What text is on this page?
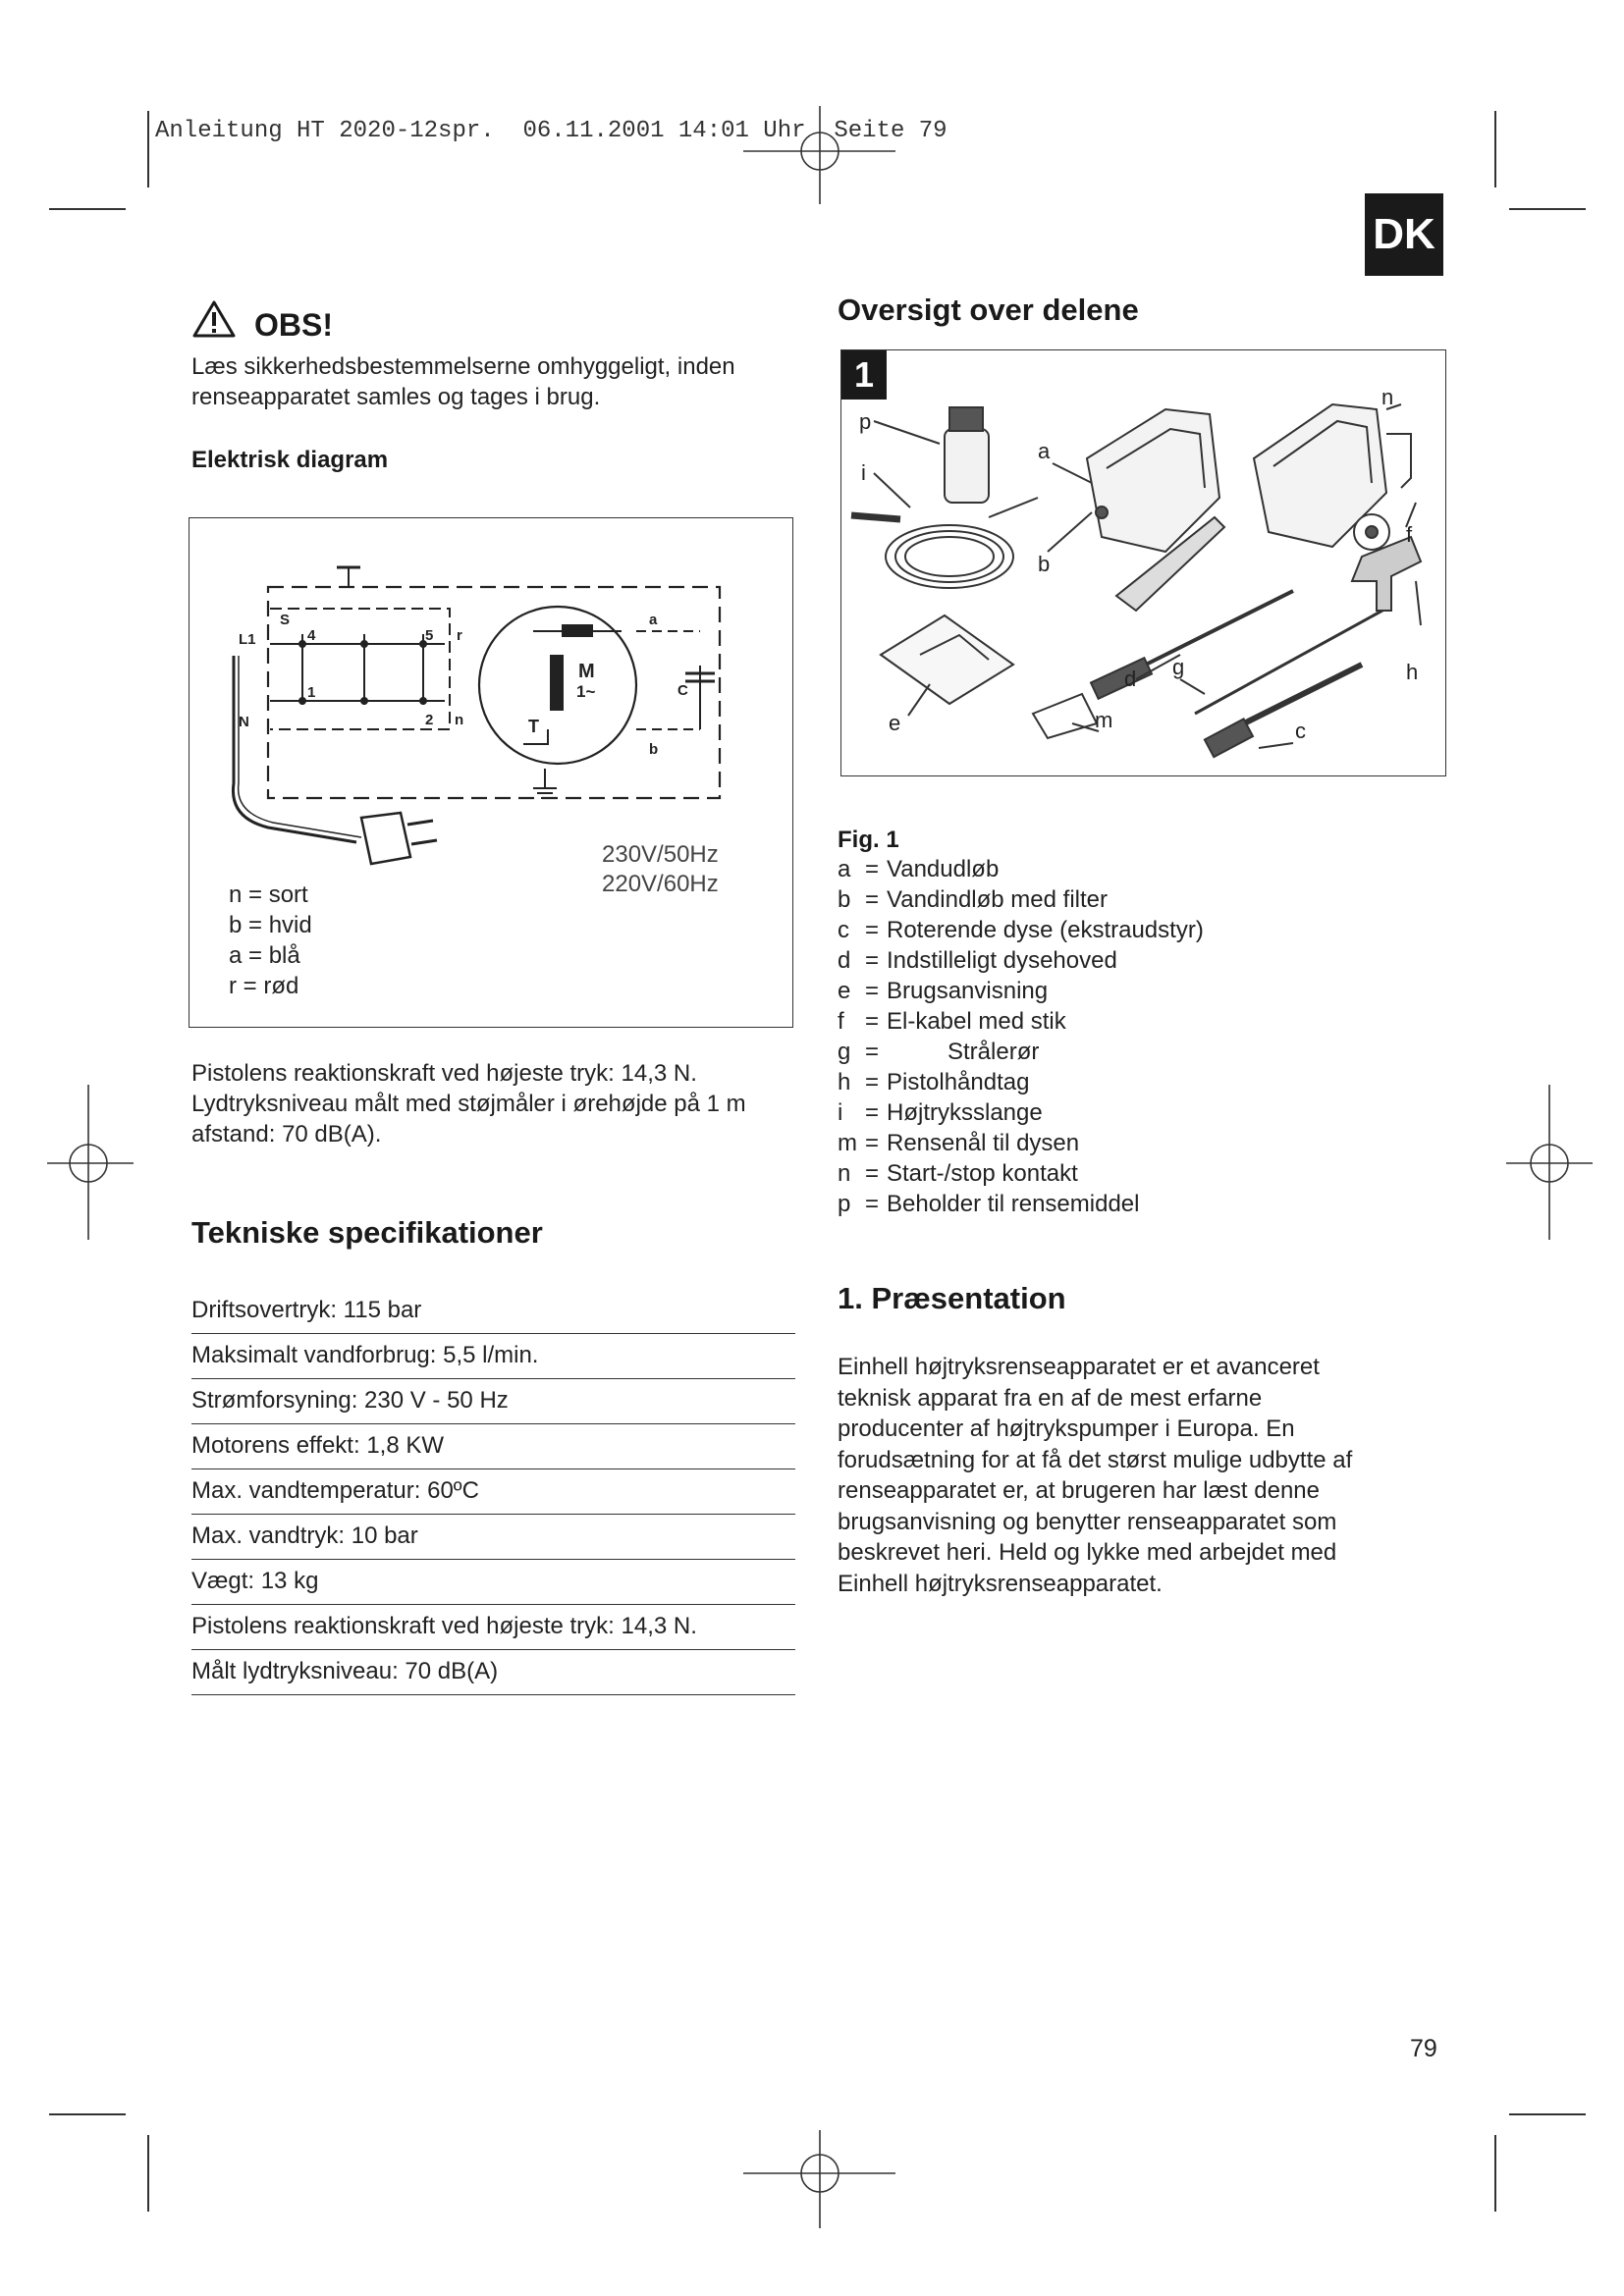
Anleitung HT 2020-12spr. 06.11.2001 14:01 Uhr Seite 79
DK
OBS!
Læs sikkerhedsbestemmelserne omhyggeligt, inden
renseapparatet samles og tages i brug.
Elektrisk diagram
S
L1
N
4	5
1
2
r
a
b
C
M
1~
T
n
230V/50Hz
220V/60Hz
n = sort
b = hvid
a = blå
r = rød
Pistolens reaktionskraft ved højeste tryk: 14,3 N.
Lydtryksniveau målt med støjmåler i ørehøjde på 1 m
afstand: 70 dB(A).
Tekniske specifikationer
Driftsovertryk: 115 bar
Maksimalt vandforbrug: 5,5 l/min.
Strømforsyning: 230 V - 50 Hz
Motorens effekt: 1,8 KW
Max. vandtemperatur: 60ºC
Max. vandtryk: 10 bar
Vægt: 13 kg
Pistolens reaktionskraft ved højeste tryk: 14,3 N.
Målt lydtryksniveau: 70 dB(A)
Oversigt over delene
1
p
i
a
b
n
f
h
d g
e	m	c
Fig. 1
a = Vandudløb
b = Vandindløb med filter
c = Roterende dyse (ekstraudstyr)
d = Indstilleligt dysehoved
e = Brugsanvisning
f = El-kabel med stik
g =	Strålerør
h = Pistolhåndtag
i = Højtryksslange
m = Rensenål til dysen
n = Start-/stop kontakt
p = Beholder til rensemiddel
1. Præsentation
Einhell højtryksrenseapparatet er et avanceret
teknisk apparat fra en af de mest erfarne
producenter af højtrykspumper i Europa. En
forudsætning for at få det størst mulige udbytte af
renseapparatet er, at brugeren har læst denne
brugsanvisning og benytter renseapparatet som
beskrevet heri. Held og lykke med arbejdet med
Einhell højtryksrenseapparatet.
79
